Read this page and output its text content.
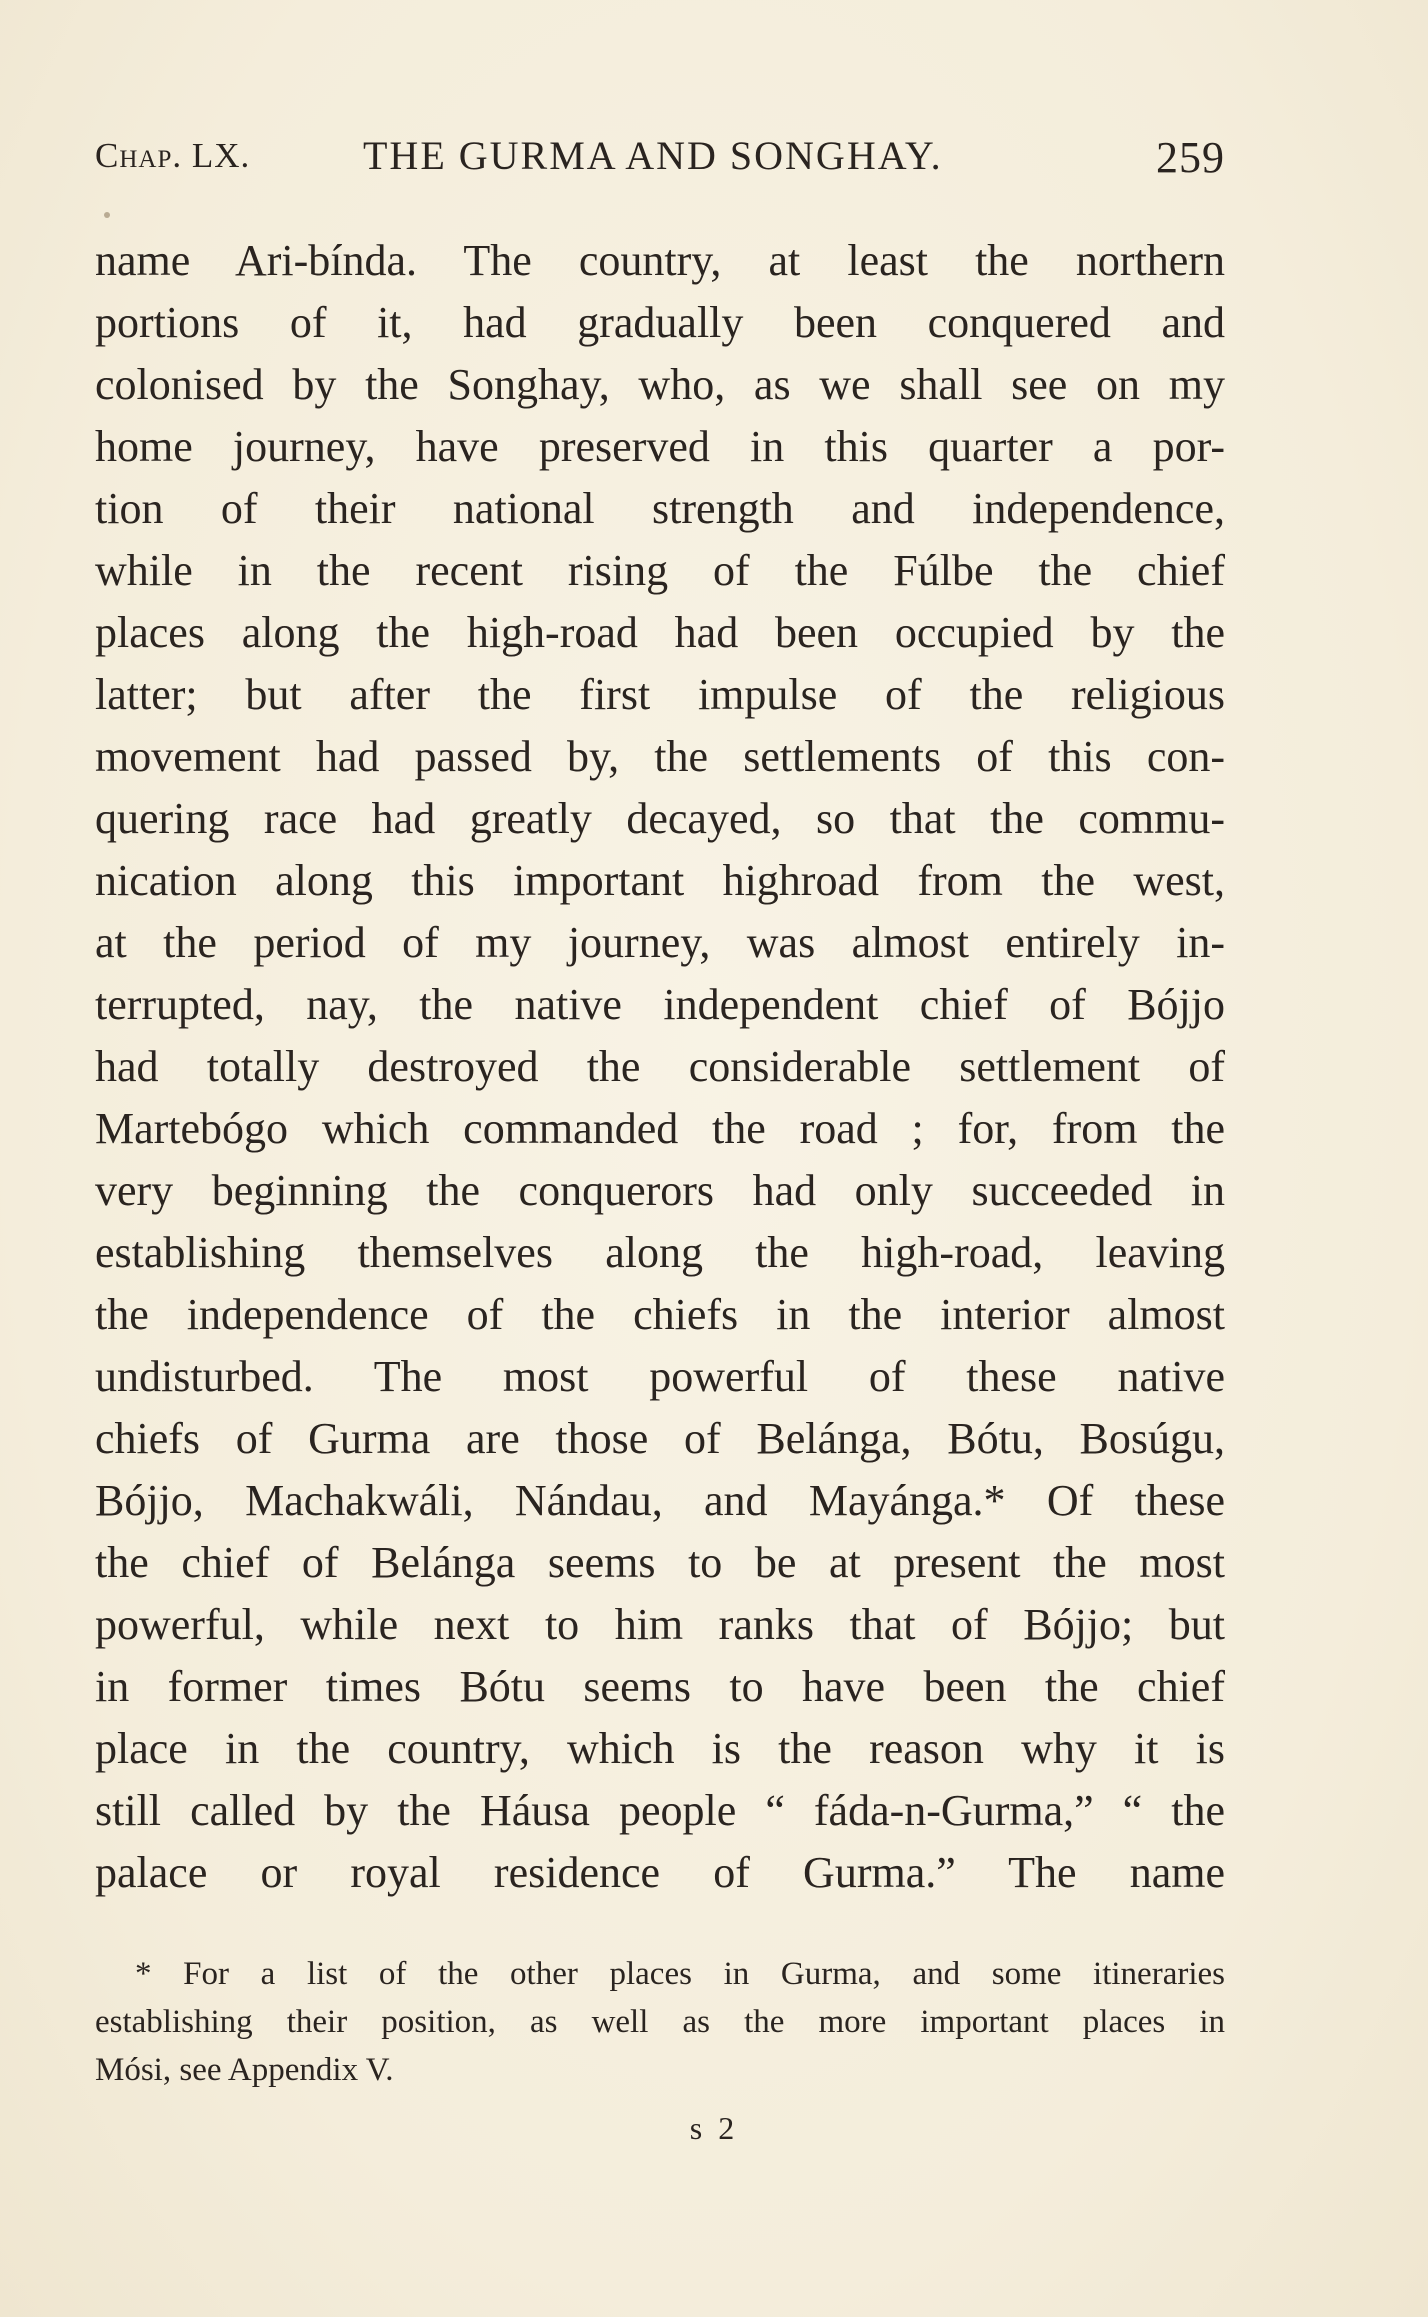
Chap. LX.	THE GURMA AND SONGHAY.	259
name Ari-bínda. The country, at least the northern
portions of it, had gradually been conquered and
colonised by the Songhay, who, as we shall see on my
home journey, have preserved in this quarter a por-
tion of their national strength and independence,
while in the recent rising of the Fúlbe the chief
places along the high-road had been occupied by the
latter; but after the first impulse of the religious
movement had passed by, the settlements of this con-
quering race had greatly decayed, so that the commu-
nication along this important highroad from the west,
at the period of my journey, was almost entirely in-
terrupted, nay, the native independent chief of Bójjo
had totally destroyed the considerable settlement of
Martebógo which commanded the road ; for, from the
very beginning the conquerors had only succeeded in
establishing themselves along the high-road, leaving
the independence of the chiefs in the interior almost
undisturbed. The most powerful of these native
chiefs of Gurma are those of Belánga, Bótu, Bosúgu,
Bójjo, Machakwáli, Nándau, and Mayánga.* Of these
the chief of Belánga seems to be at present the most
powerful, while next to him ranks that of Bójjo; but
in former times Bótu seems to have been the chief
place in the country, which is the reason why it is
still called by the Háusa people “ fáda-n-Gurma,” “ the
palace or royal residence of Gurma.” The name
* For a list of the other places in Gurma, and some itineraries
establishing their position, as well as the more important places in
Mósi, see Appendix V.
s 2
